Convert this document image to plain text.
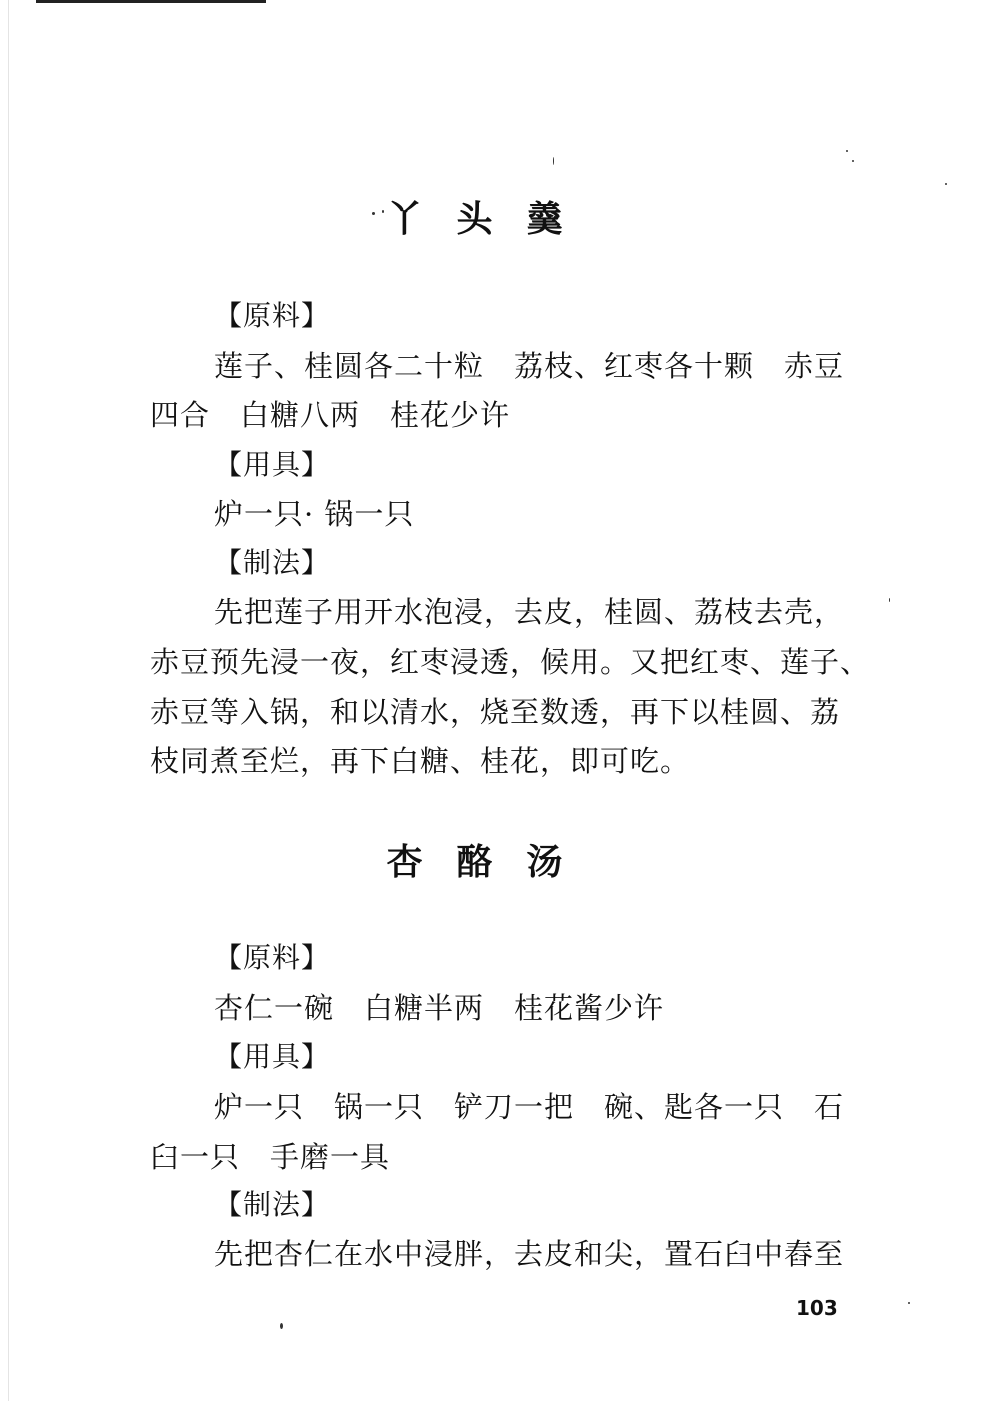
丫头羹
【原料】
莲子、桂圆各二十粒　荔枝、红枣各十颗　赤豆
四合　白糖八两　桂花少许
【用具】
炉一只· 锅一只
【制法】
先把莲子用开水泡浸，去皮，桂圆、荔枝去壳，
赤豆预先浸一夜，红枣浸透，候用。又把红枣、莲子、
赤豆等入锅，和以清水，烧至数透，再下以桂圆、荔
枝同煮至烂，再下白糖、桂花，即可吃。
杏酪汤
【原料】
杏仁一碗　白糖半两　桂花酱少许
【用具】
炉一只　锅一只　铲刀一把　碗、匙各一只　石
臼一只　手磨一具
【制法】
先把杏仁在水中浸胖，去皮和尖，置石臼中舂至
103
